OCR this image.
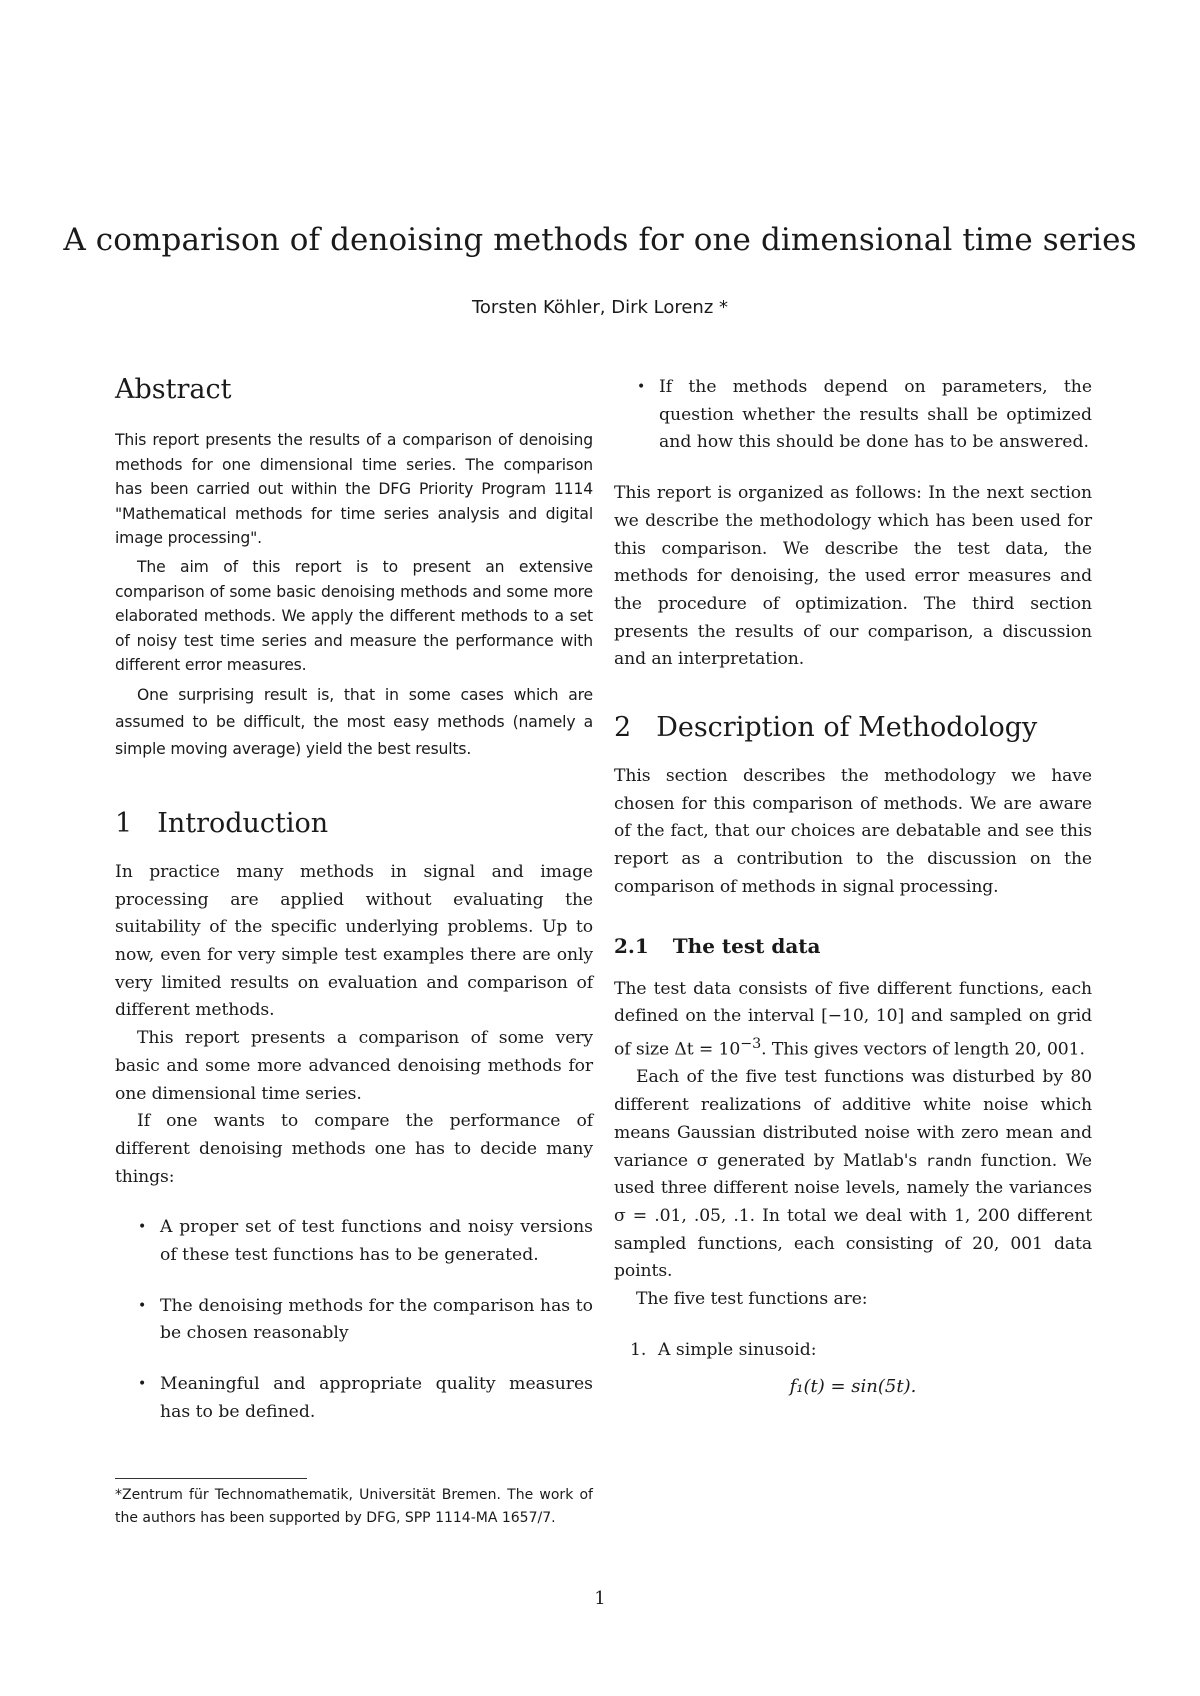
A comparison of denoising methods for one dimensional time series
Torsten Köhler, Dirk Lorenz *
Abstract

This report presents the results of a comparison of denoising methods for one dimensional time series. The comparison has been carried out within the DFG Priority Program 1114 "Mathematical methods for time series analysis and digital image processing".

The aim of this report is to present an extensive comparison of some basic denoising methods and some more elaborated methods. We apply the different methods to a set of noisy test time series and measure the performance with different error measures.

One surprising result is, that in some cases which are assumed to be difficult, the most easy methods (namely a simple moving average) yield the best results.

1 Introduction

In practice many methods in signal and image processing are applied without evaluating the suitability of the specific underlying problems. Up to now, even for very simple test examples there are only very limited results on evaluation and comparison of different methods.

This report presents a comparison of some very basic and some more advanced denoising methods for one dimensional time series.

If one wants to compare the performance of different denoising methods one has to decide many things:

• A proper set of test functions and noisy versions of these test functions has to be generated.
• The denoising methods for the comparison has to be chosen reasonably
• Meaningful and appropriate quality measures has to be defined.
• If the methods depend on parameters, the question whether the results shall be optimized and how this should be done has to be answered.

This report is organized as follows: In the next section we describe the methodology which has been used for this comparison. We describe the test data, the methods for denoising, the used error measures and the procedure of optimization. The third section presents the results of our comparison, a discussion and an interpretation.

2 Description of Methodology

This section describes the methodology we have chosen for this comparison of methods. We are aware of the fact, that our choices are debatable and see this report as a contribution to the discussion on the comparison of methods in signal processing.

2.1 The test data

The test data consists of five different functions, each defined on the interval [−10, 10] and sampled on grid of size $\Delta t = 10^{-3}$. This gives vectors of length 20, 001.

Each of the five test functions was disturbed by 80 different realizations of additive white noise which means Gaussian distributed noise with zero mean and variance σ generated by Matlab's randn function. We used three different noise levels, namely the variances σ = .01, .05, .1. In total we deal with 1, 200 different sampled functions, each consisting of 20, 001 data points.

The five test functions are:

1. A simple sinusoid:
f₁(t) = sin(5t).
*Zentrum für Technomathematik, Universität Bremen. The work of the authors has been supported by DFG, SPP 1114-MA 1657/7.
1
